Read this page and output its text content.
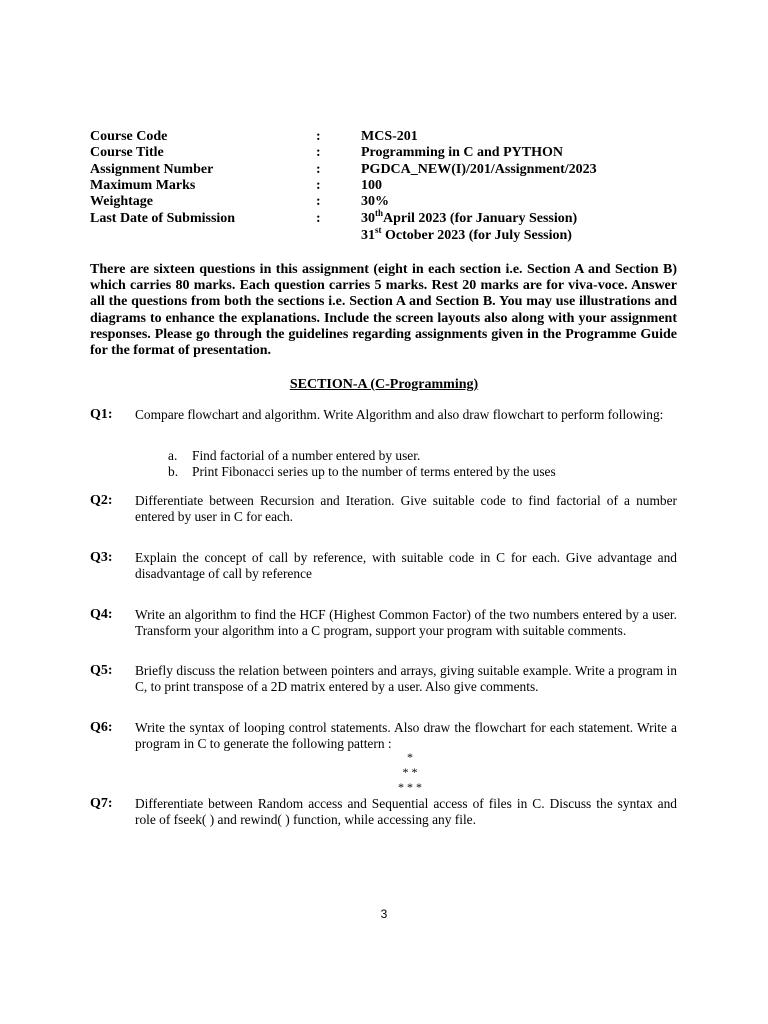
Course Code	:	MCS-201
Course Title	:	Programming in C and PYTHON
Assignment Number	:	PGDCA_NEW(I)/201/Assignment/2023
Maximum Marks	:	100
Weightage	:	30%
Last Date of Submission	:	30thApril 2023 (for January Session)
31st October 2023 (for July Session)

There are sixteen questions in this assignment (eight in each section i.e. Section A and Section B) which carries 80 marks. Each question carries 5 marks. Rest 20 marks are for viva-voce. Answer all the questions from both the sections i.e. Section A and Section B. You may use illustrations and diagrams to enhance the explanations. Include the screen layouts also along with your assignment responses. Please go through the guidelines regarding assignments given in the Programme Guide for the format of presentation.

SECTION-A (C-Programming)
Q1: Compare flowchart and algorithm. Write Algorithm and also draw flowchart to perform following:

a. Find factorial of a number entered by user.
b. Print Fibonacci series up to the number of terms entered by the uses
Q2: Differentiate between Recursion and Iteration. Give suitable code to find factorial of a number entered by user in C for each.

Q3: Explain the concept of call by reference, with suitable code in C for each. Give advantage and disadvantage of call by reference

Q4: Write an algorithm to find the HCF (Highest Common Factor) of the two numbers entered by a user. Transform your algorithm into a C program, support your program with suitable comments.

Q5: Briefly discuss the relation between pointers and arrays, giving suitable example. Write a program in C, to print transpose of a 2D matrix entered by a user. Also give comments.

Q6: Write the syntax of looping control statements. Also draw the flowchart for each statement. Write a program in C to generate the following pattern :

*
* *
* * *
Q7: Differentiate between Random access and Sequential access of files in C. Discuss the syntax and role of fseek( ) and rewind( ) function, while accessing any file.

3
